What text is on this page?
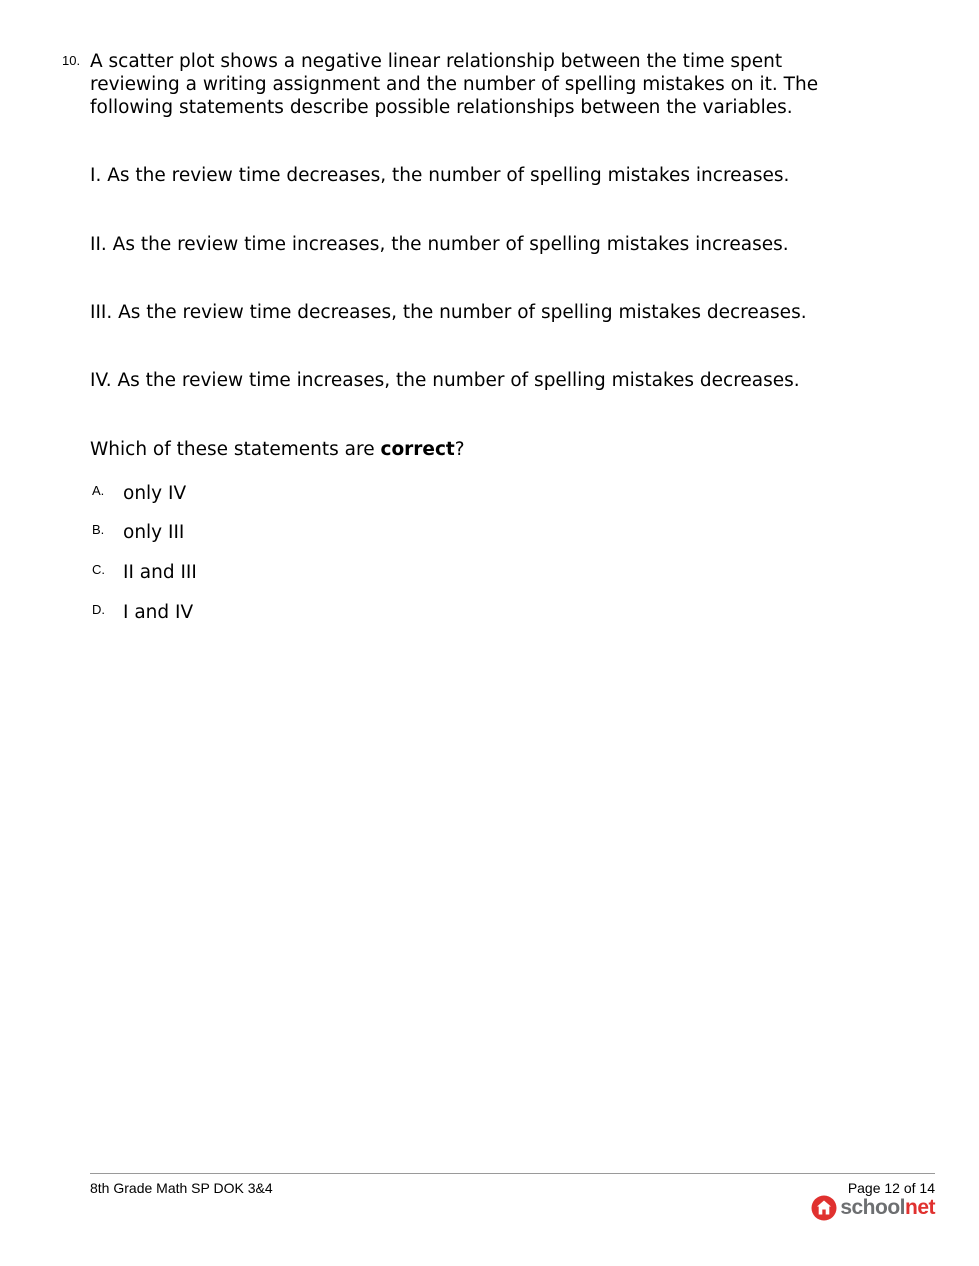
10. A scatter plot shows a negative linear relationship between the time spent reviewing a writing assignment and the number of spelling mistakes on it. The following statements describe possible relationships between the variables.

I. As the review time decreases, the number of spelling mistakes increases.

II. As the review time increases, the number of spelling mistakes increases.

III. As the review time decreases, the number of spelling mistakes decreases.

IV. As the review time increases, the number of spelling mistakes decreases.

Which of these statements are correct?

A. only IV
B. only III
C. II and III
D. I and IV
8th Grade Math SP DOK 3&4	Page 12 of 14
schoolnet
